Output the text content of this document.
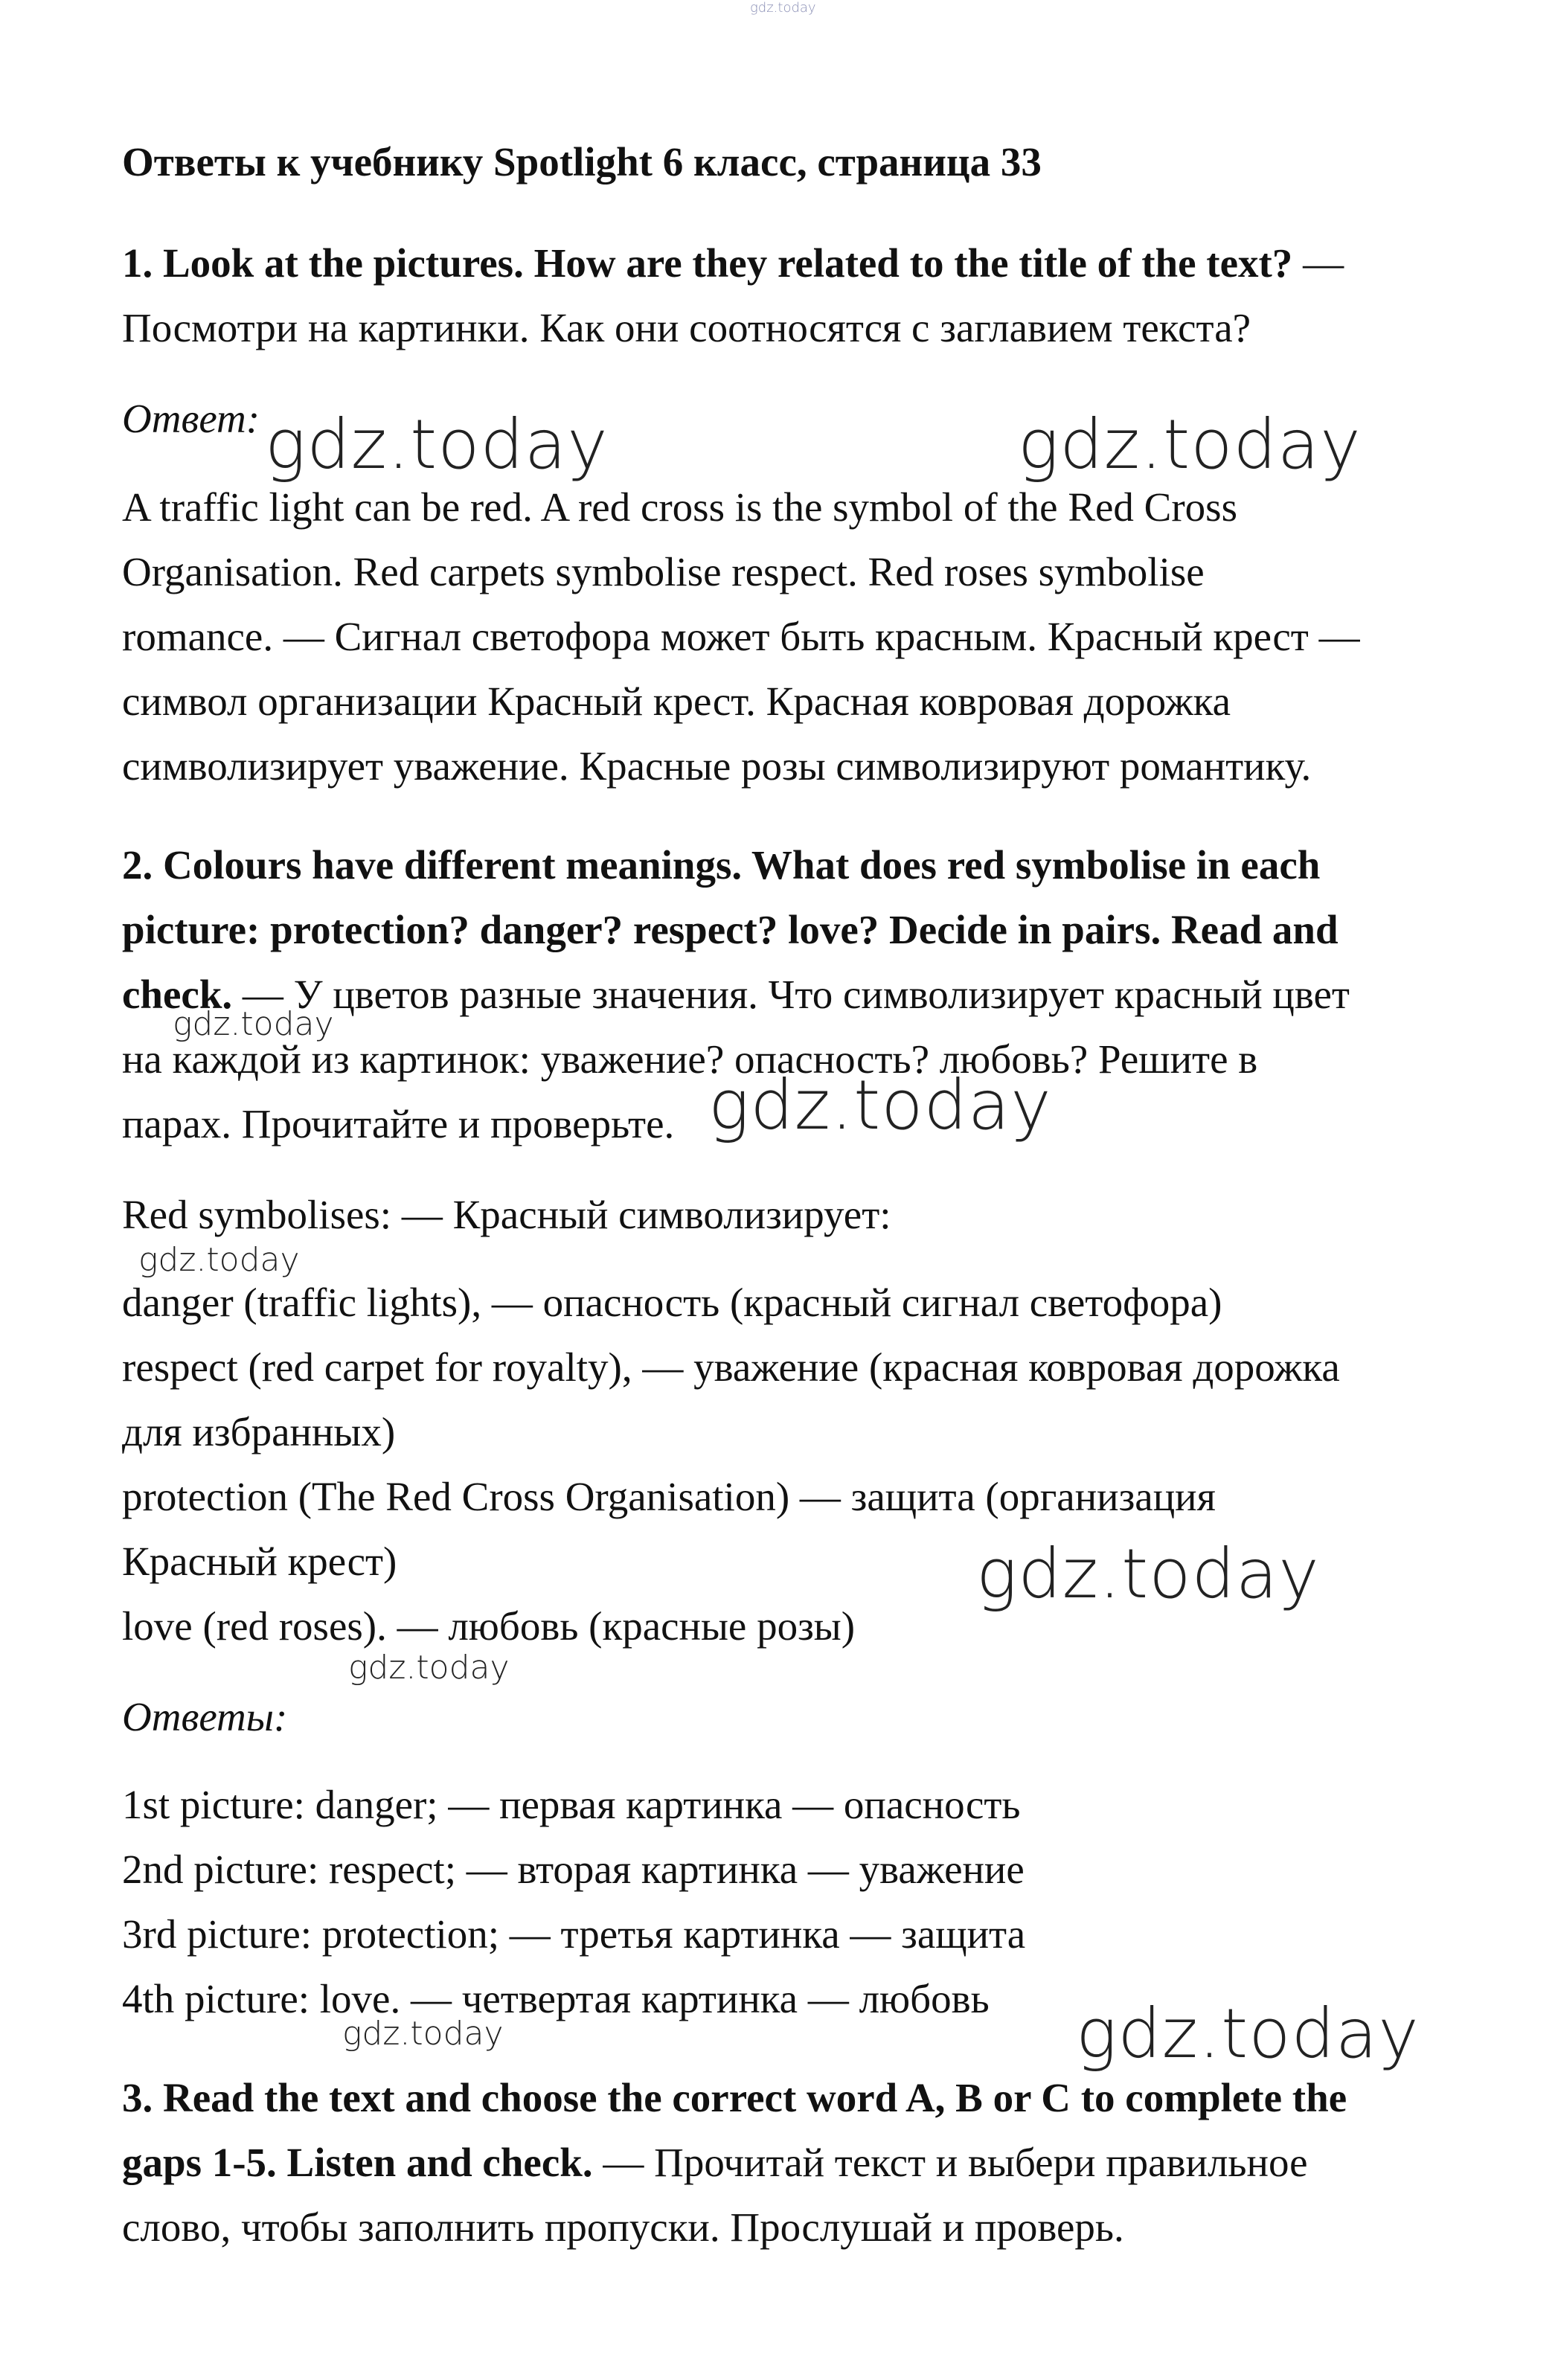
gdz.today
Ответы к учебнику Spotlight 6 класс, страница 33
1. Look at the pictures. How are they related to the title of the text? —
Посмотри на картинки. Как они соотносятся с заглавием текста?
Ответ:
A traffic light can be red. A red cross is the symbol of the Red Cross
Organisation. Red carpets symbolise respect. Red roses symbolise
romance. — Сигнал светофора может быть красным. Красный крест —
символ организации Красный крест. Красная ковровая дорожка
символизирует уважение. Красные розы символизируют романтику.
2. Colours have different meanings. What does red symbolise in each
picture: protection? danger? respect? love? Decide in pairs. Read and
check. — У цветов разные значения. Что символизирует красный цвет
на каждой из картинок: уважение? опасность? любовь? Решите в
парах. Прочитайте и проверьте.
Red symbolises: — Красный символизирует:
danger (traffic lights), — опасность (красный сигнал светофора)
respect (red carpet for royalty), — уважение (красная ковровая дорожка
для избранных)
protection (The Red Cross Organisation) — защита (организация
Красный крест)
love (red roses). — любовь (красные розы)
Ответы:
1st picture: danger; — первая картинка — опасность
2nd picture: respect; — вторая картинка — уважение
3rd picture: protection; — третья картинка — защита
4th picture: love. — четвертая картинка — любовь
3. Read the text and choose the correct word A, B or C to complete the
gaps 1-5. Listen and check. — Прочитай текст и выбери правильное
слово, чтобы заполнить пропуски. Прослушай и проверь.
gdz.today	gdz.today
gdz.today
gdz.today
gdz.today
gdz.today
gdz.today
gdz.today	gdz.today
